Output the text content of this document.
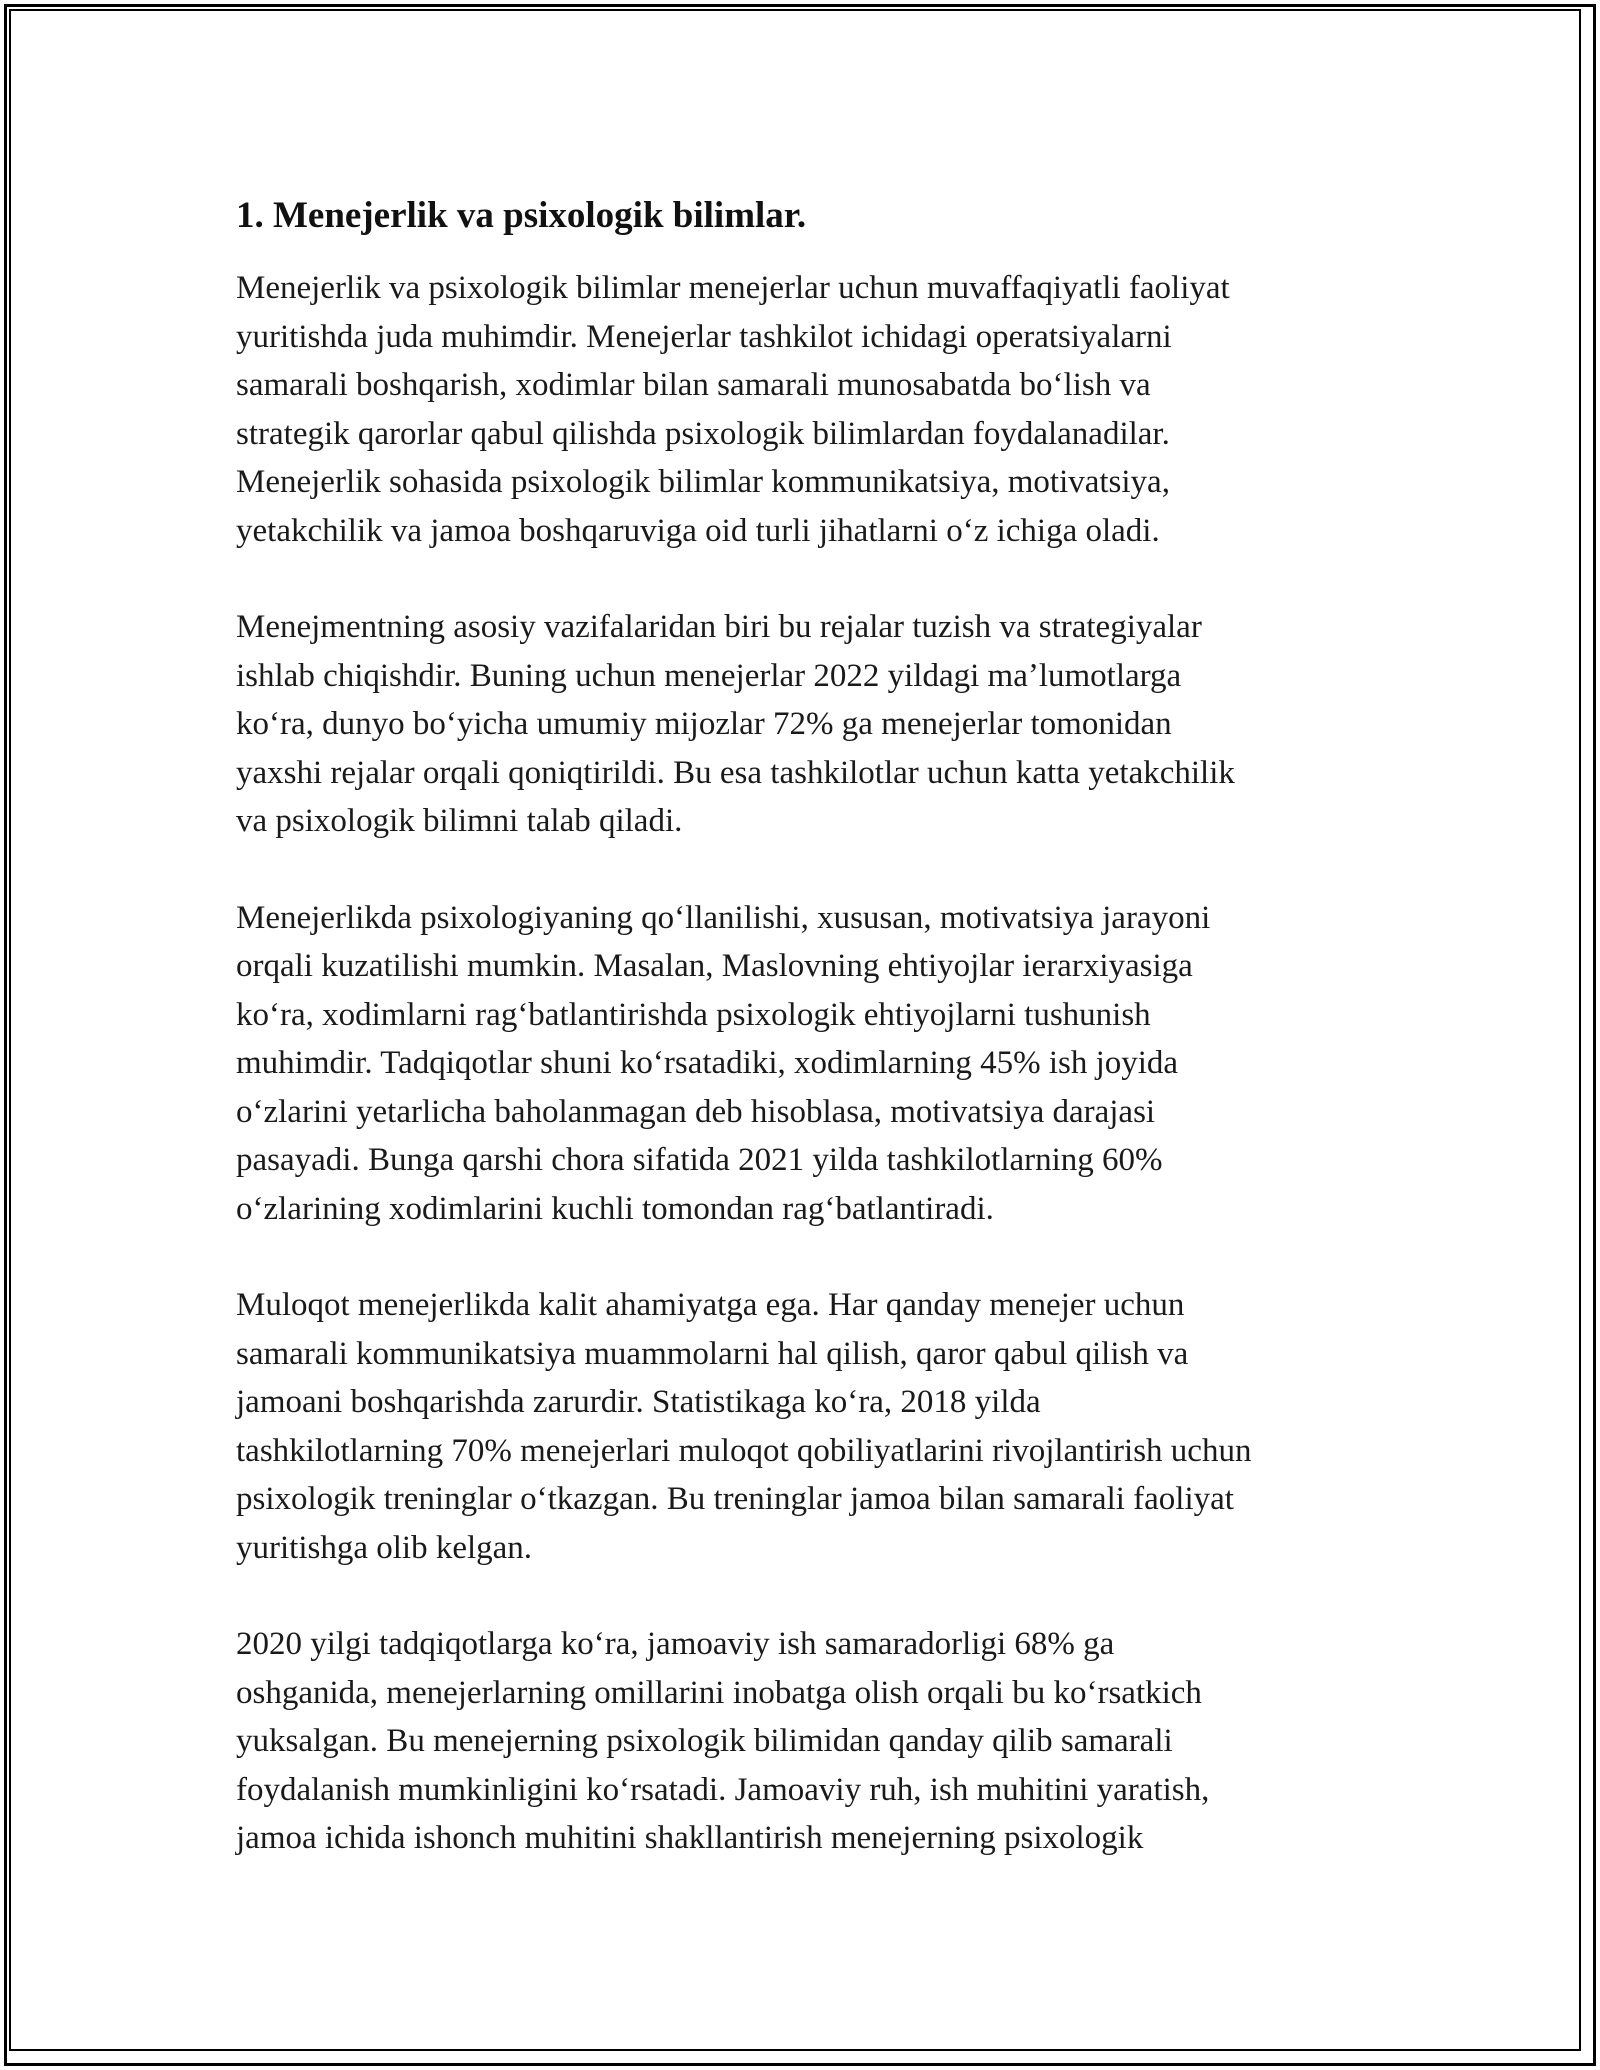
1. Menejerlik va psixologik bilimlar.

Menejerlik va psixologik bilimlar menejerlar uchun muvaffaqiyatli faoliyat
yuritishda juda muhimdir. Menejerlar tashkilot ichidagi operatsiyalarni
samarali boshqarish, xodimlar bilan samarali munosabatda boʻlish va
strategik qarorlar qabul qilishda psixologik bilimlardan foydalanadilar.
Menejerlik sohasida psixologik bilimlar kommunikatsiya, motivatsiya,
yetakchilik va jamoa boshqaruviga oid turli jihatlarni oʻz ichiga oladi.

Menejmentning asosiy vazifalaridan biri bu rejalar tuzish va strategiyalar
ishlab chiqishdir. Buning uchun menejerlar 2022 yildagi maʼlumotlarga
koʻra, dunyo boʻyicha umumiy mijozlar 72% ga menejerlar tomonidan
yaxshi rejalar orqali qoniqtirildi. Bu esa tashkilotlar uchun katta yetakchilik
va psixologik bilimni talab qiladi.

Menejerlikda psixologiyaning qoʻllanilishi, xususan, motivatsiya jarayoni
orqali kuzatilishi mumkin. Masalan, Maslovning ehtiyojlar ierarxiyasiga
koʻra, xodimlarni ragʻbatlantirishda psixologik ehtiyojlarni tushunish
muhimdir. Tadqiqotlar shuni koʻrsatadiki, xodimlarning 45% ish joyida
oʻzlarini yetarlicha baholanmagan deb hisoblasa, motivatsiya darajasi
pasayadi. Bunga qarshi chora sifatida 2021 yilda tashkilotlarning 60%
oʻzlarining xodimlarini kuchli tomondan ragʻbatlantiradi.

Muloqot menejerlikda kalit ahamiyatga ega. Har qanday menejer uchun
samarali kommunikatsiya muammolarni hal qilish, qaror qabul qilish va
jamoani boshqarishda zarurdir. Statistikaga koʻra, 2018 yilda
tashkilotlarning 70% menejerlari muloqot qobiliyatlarini rivojlantirish uchun
psixologik treninglar oʻtkazgan. Bu treninglar jamoa bilan samarali faoliyat
yuritishga olib kelgan.

2020 yilgi tadqiqotlarga koʻra, jamoaviy ish samaradorligi 68% ga
oshganida, menejerlarning omillarini inobatga olish orqali bu koʻrsatkich
yuksalgan. Bu menejerning psixologik bilimidan qanday qilib samarali
foydalanish mumkinligini koʻrsatadi. Jamoaviy ruh, ish muhitini yaratish,
jamoa ichida ishonch muhitini shakllantirish menejerning psixologik
